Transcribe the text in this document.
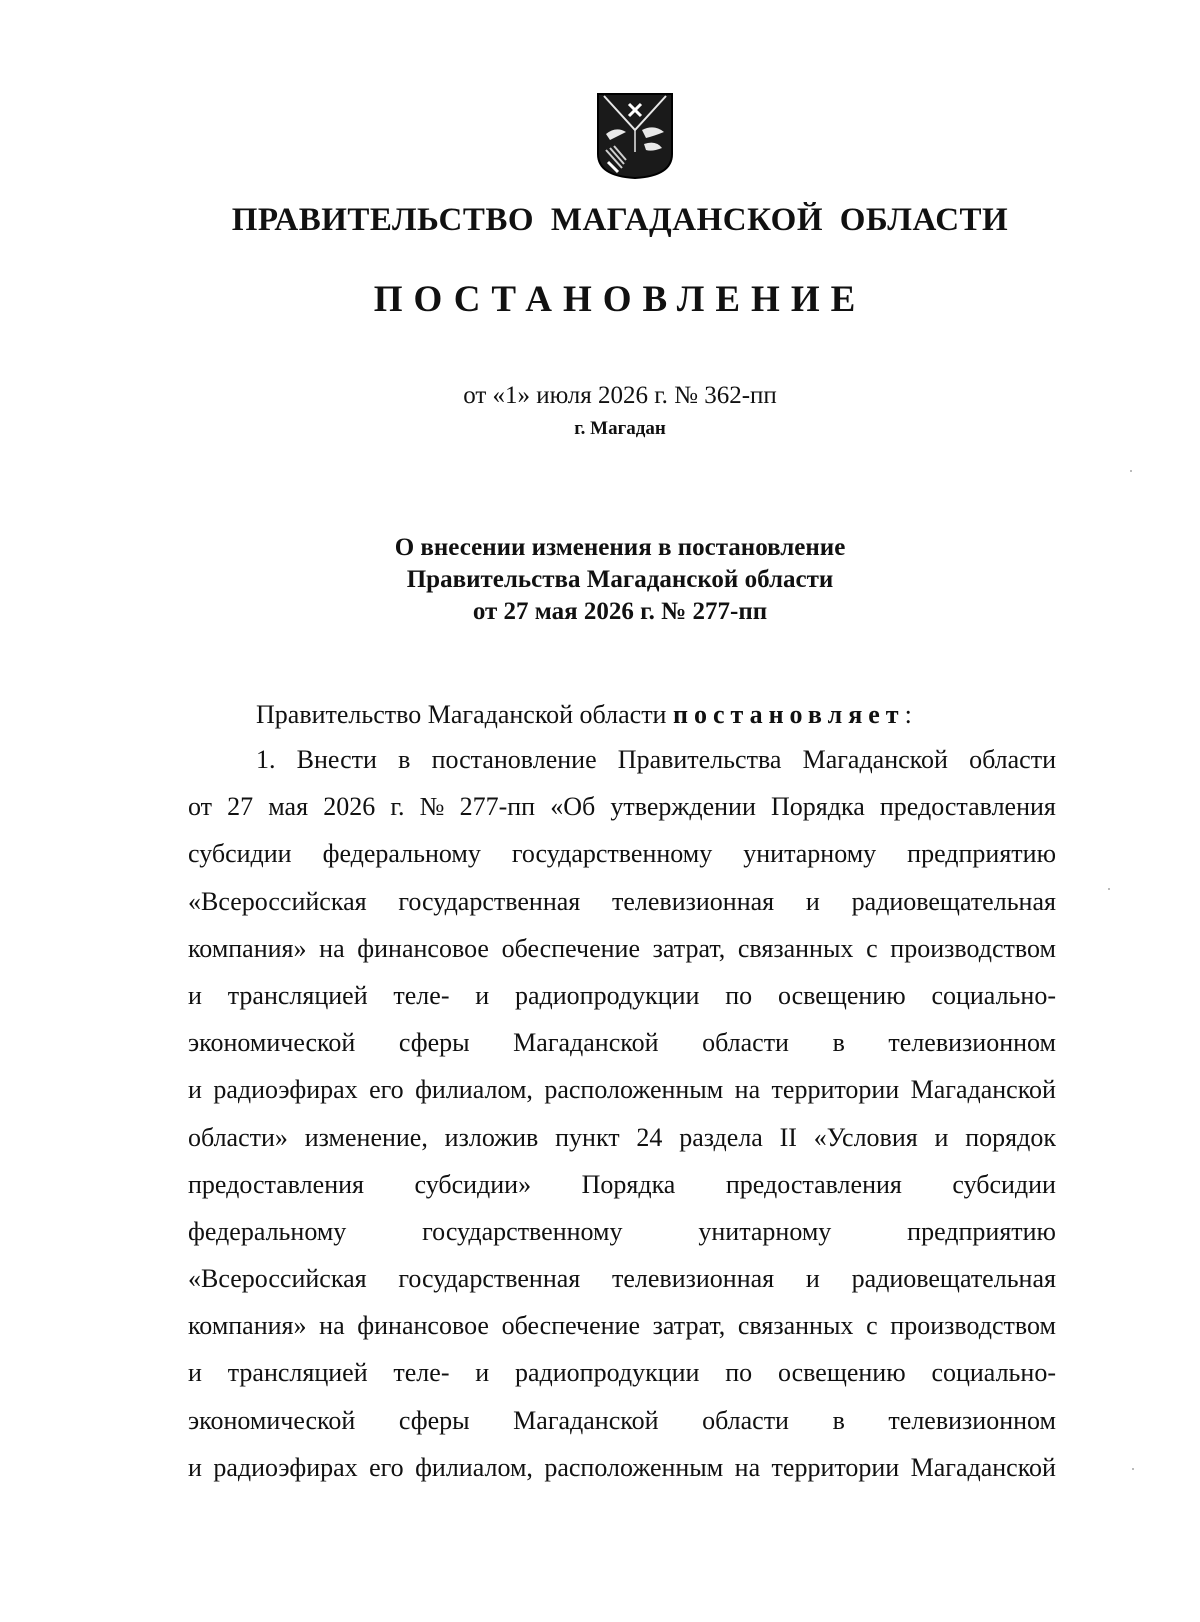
ПРАВИТЕЛЬСТВО МАГАДАНСКОЙ ОБЛАСТИ
ПОСТАНОВЛЕНИЕ
от «1» июля 2026 г. № 362-пп
г. Магадан
О внесении изменения в постановление
Правительства Магаданской области
от 27 мая 2026 г. № 277-пп
Правительство Магаданской области постановляет:
1. Внести в постановление Правительства Магаданской области
от 27 мая 2026 г. № 277-пп «Об утверждении Порядка предоставления
субсидии федеральному государственному унитарному предприятию
«Всероссийская государственная телевизионная и радиовещательная
компания» на финансовое обеспечение затрат, связанных с производством
и трансляцией теле- и радиопродукции по освещению социально-
экономической сферы Магаданской области в телевизионном
и радиоэфирах его филиалом, расположенным на территории Магаданской
области» изменение, изложив пункт 24 раздела II «Условия и порядок
предоставления субсидии» Порядка предоставления субсидии
федеральному	государственному	унитарному	предприятию
«Всероссийская государственная телевизионная и радиовещательная
компания» на финансовое обеспечение затрат, связанных с производством
и трансляцией теле- и радиопродукции по освещению социально-
экономической сферы Магаданской области в телевизионном
и радиоэфирах его филиалом, расположенным на территории Магаданской
